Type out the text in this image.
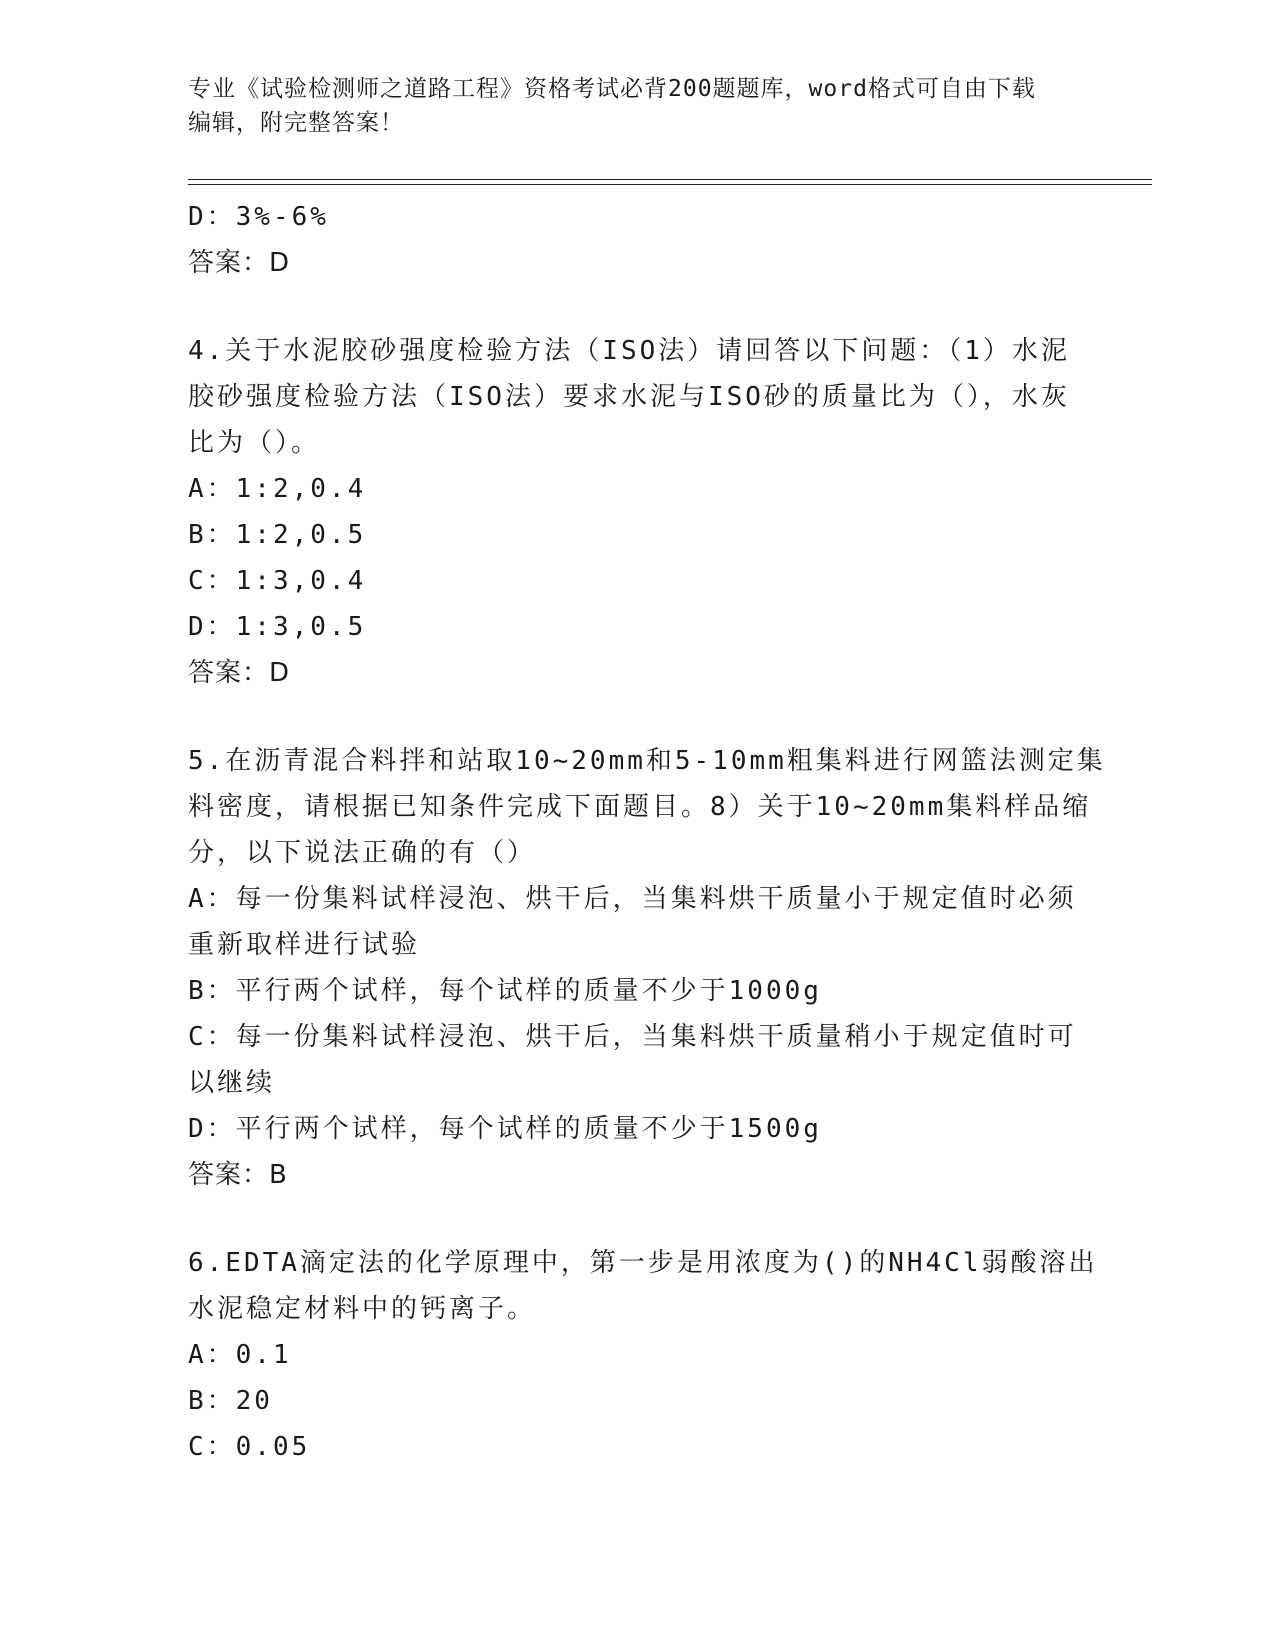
专业《试验检测师之道路工程》资格考试必背200题题库，word格式可自由下载
编辑，附完整答案！
D：3%-6%
答案：D
4.关于水泥胶砂强度检验方法（ISO法）请回答以下问题：（1）水泥
胶砂强度检验方法（ISO法）要求水泥与ISO砂的质量比为（），水灰
比为（）。
A：1:2,0.4
B：1:2,0.5
C：1:3,0.4
D：1:3,0.5
答案：D
5.在沥青混合料拌和站取10~20mm和5-10mm粗集料进行网篮法测定集
料密度，请根据已知条件完成下面题目。8）关于10~20mm集料样品缩
分，以下说法正确的有（）
A：每一份集料试样浸泡、烘干后，当集料烘干质量小于规定值时必须
重新取样进行试验
B：平行两个试样，每个试样的质量不少于1000g
C：每一份集料试样浸泡、烘干后，当集料烘干质量稍小于规定值时可
以继续
D：平行两个试样，每个试样的质量不少于1500g
答案：B
6.EDTA滴定法的化学原理中，第一步是用浓度为()的NH4Cl弱酸溶出
水泥稳定材料中的钙离子。
A：0.1
B：20
C：0.05
